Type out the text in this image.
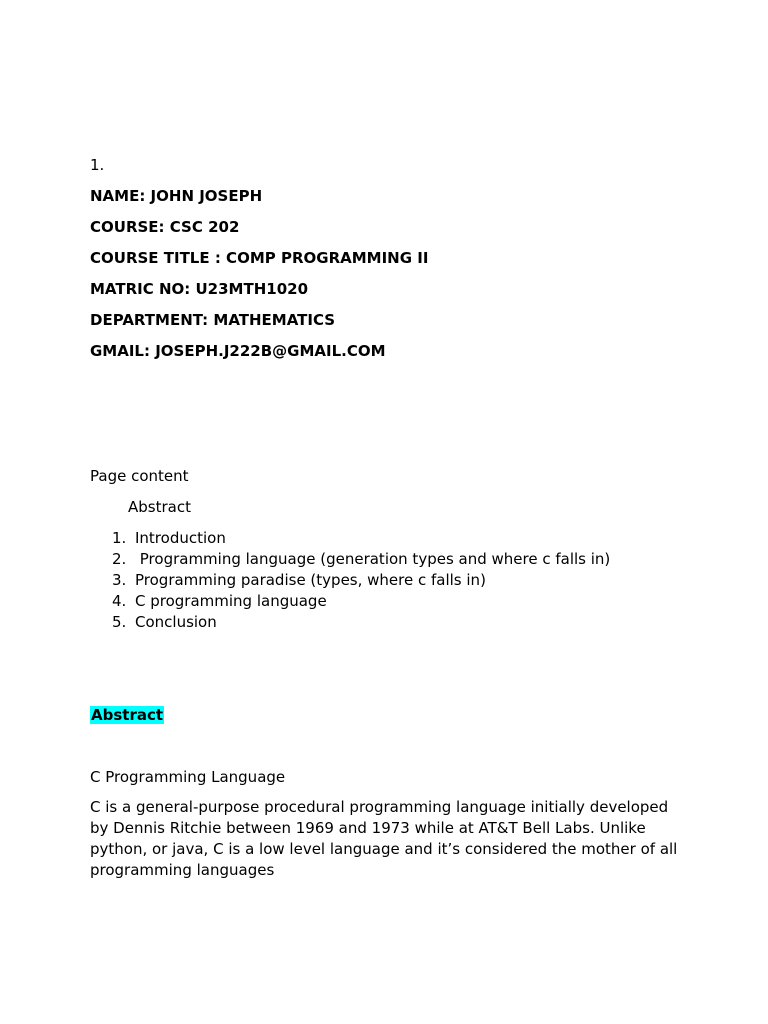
1.
NAME: JOHN JOSEPH
COURSE: CSC 202
COURSE TITLE : COMP PROGRAMMING II
MATRIC NO: U23MTH1020
DEPARTMENT: MATHEMATICS
GMAIL: JOSEPH.J222B@GMAIL.COM
Page content
Abstract
1. Introduction
2. Programming language (generation types and where c falls in)
3. Programming paradise (types, where c falls in)
4. C programming language
5. Conclusion
Abstract
C Programming Language
C is a general-purpose procedural programming language initially developed by Dennis Ritchie between 1969 and 1973 while at AT&T Bell Labs. Unlike python, or java, C is a low level language and it’s considered the mother of all programming languages
